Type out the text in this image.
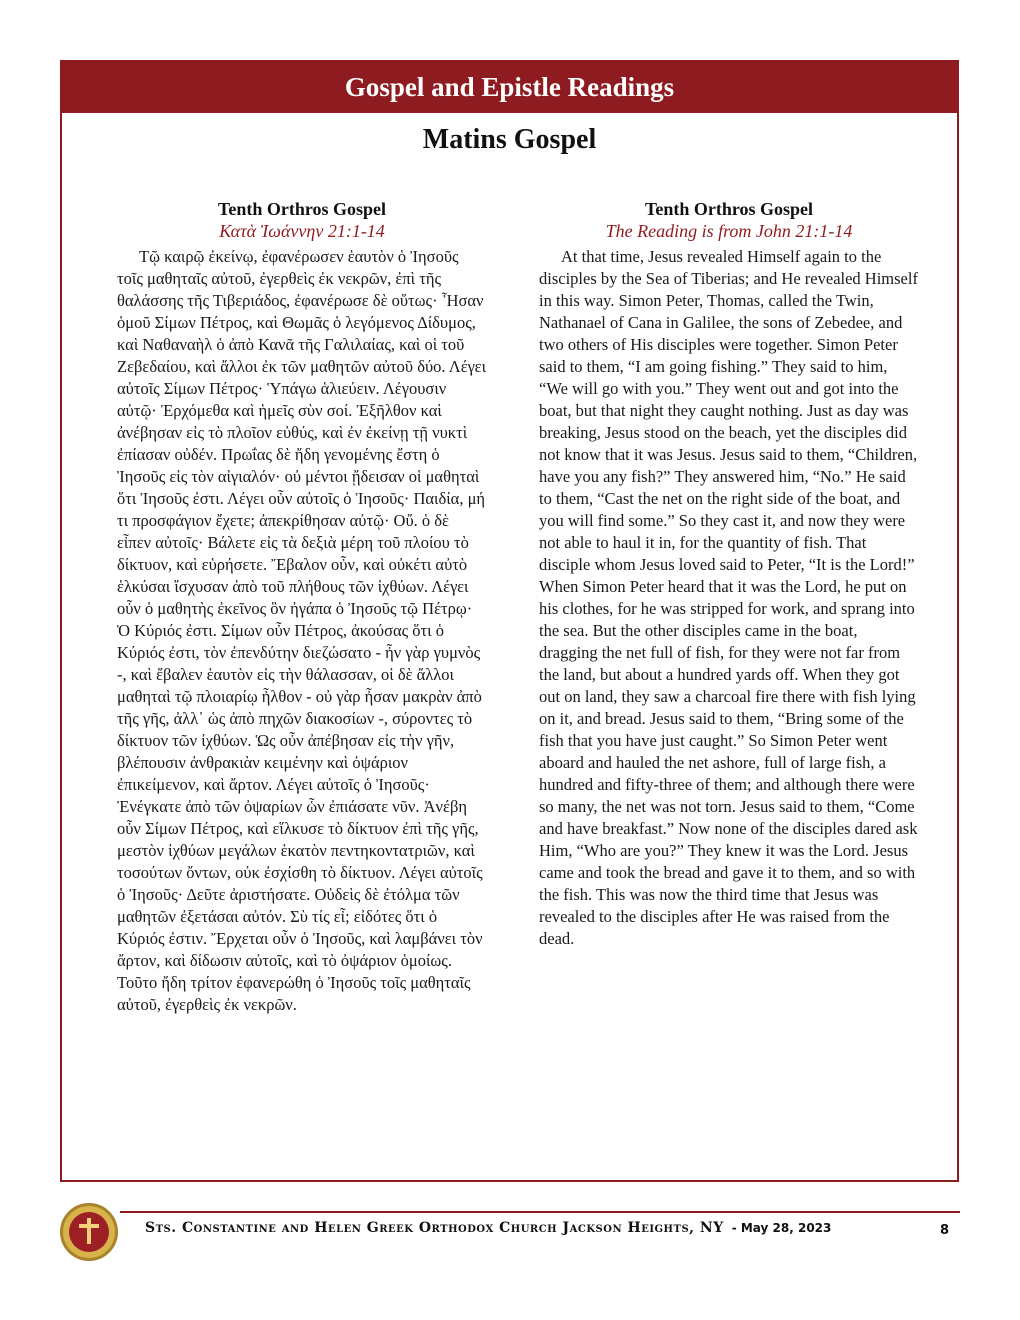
Gospel and Epistle Readings
Matins Gospel
Tenth Orthros Gospel
Κατὰ Ἰωάννην 21:1-14

Τῷ καιρῷ ἐκείνῳ, ἐφανέρωσεν ἑαυτὸν ὁ Ἰησοῦς τοῖς μαθηταῖς αὐτοῦ, ἐγερθεὶς ἐκ νεκρῶν, ἐπὶ τῆς θαλάσσης τῆς Τιβεριάδος, ἐφανέρωσε δὲ οὕτως· Ἦσαν ὁμοῦ Σίμων Πέτρος, καὶ Θωμᾶς ὁ λεγόμενος Δίδυμος, καὶ Ναθαναὴλ ὁ ἀπὸ Κανᾶ τῆς Γαλιλαίας, καὶ οἱ τοῦ Ζεβεδαίου, καὶ ἄλλοι ἐκ τῶν μαθητῶν αὐτοῦ δύο. Λέγει αὐτοῖς Σίμων Πέτρος· Ὑπάγω ἁλιεύειν. Λέγουσιν αὐτῷ· Ἐρχόμεθα καὶ ἡμεῖς σὺν σοί. Ἐξῆλθον καὶ ἀνέβησαν εἰς τὸ πλοῖον εὐθύς, καὶ ἐν ἐκείνῃ τῇ νυκτὶ ἐπίασαν οὐδέν. Πρωΐας δὲ ἤδη γενομένης ἔστη ὁ Ἰησοῦς εἰς τὸν αἰγιαλόν· οὐ μέντοι ᾔδεισαν οἱ μαθηταὶ ὅτι Ἰησοῦς ἐστι. Λέγει οὖν αὐτοῖς ὁ Ἰησοῦς· Παιδία, μή τι προσφάγιον ἔχετε; ἀπεκρίθησαν αὐτῷ· Οὔ. ὁ δὲ εἶπεν αὐτοῖς· Βάλετε εἰς τὰ δεξιὰ μέρη τοῦ πλοίου τὸ δίκτυον, καὶ εὑρήσετε. Ἔβαλον οὖν, καὶ οὐκέτι αὐτὸ ἑλκύσαι ἴσχυσαν ἀπὸ τοῦ πλήθους τῶν ἰχθύων. Λέγει οὖν ὁ μαθητὴς ἐκεῖνος ὃν ἠγάπα ὁ Ἰησοῦς τῷ Πέτρῳ· Ὁ Κύριός ἐστι. Σίμων οὖν Πέτρος, ἀκούσας ὅτι ὁ Κύριός ἐστι, τὸν ἐπενδύτην διεζώσατο - ἦν γὰρ γυμνὸς -, καὶ ἔβαλεν ἑαυτὸν εἰς τὴν θάλασσαν, οἱ δὲ ἄλλοι μαθηταὶ τῷ πλοιαρίῳ ἦλθον - οὐ γὰρ ἦσαν μακρὰν ἀπὸ τῆς γῆς, ἀλλ᾽ ὡς ἀπὸ πηχῶν διακοσίων -, σύροντες τὸ δίκτυον τῶν ἰχθύων. Ὡς οὖν ἀπέβησαν εἰς τὴν γῆν, βλέπουσιν ἀνθρακιὰν κειμένην καὶ ὀψάριον ἐπικείμενον, καὶ ἄρτον. Λέγει αὐτοῖς ὁ Ἰησοῦς· Ἐνέγκατε ἀπὸ τῶν ὀψαρίων ὧν ἐπιάσατε νῦν. Ἀνέβη οὖν Σίμων Πέτρος, καὶ εἵλκυσε τὸ δίκτυον ἐπὶ τῆς γῆς, μεστὸν ἰχθύων μεγάλων ἑκατὸν πεντηκοντατριῶν, καὶ τοσούτων ὄντων, οὐκ ἐσχίσθη τὸ δίκτυον. Λέγει αὐτοῖς ὁ Ἰησοῦς· Δεῦτε ἀριστήσατε. Οὐδεὶς δὲ ἐτόλμα τῶν μαθητῶν ἐξετάσαι αὐτόν. Σὺ τίς εἶ; εἰδότες ὅτι ὁ Κύριός ἐστιν. Ἔρχεται οὖν ὁ Ἰησοῦς, καὶ λαμβάνει τὸν ἄρτον, καὶ δίδωσιν αὐτοῖς, καὶ τὸ ὀψάριον ὁμοίως. Τοῦτο ἤδη τρίτον ἐφανερώθη ὁ Ἰησοῦς τοῖς μαθηταῖς αὐτοῦ, ἐγερθεὶς ἐκ νεκρῶν.

Tenth Orthros Gospel
The Reading is from John 21:1-14

At that time, Jesus revealed Himself again to the disciples by the Sea of Tiberias; and He revealed Himself in this way. Simon Peter, Thomas, called the Twin, Nathanael of Cana in Galilee, the sons of Zebedee, and two others of His disciples were together. Simon Peter said to them, “I am going fishing.” They said to him, “We will go with you.” They went out and got into the boat, but that night they caught nothing. Just as day was breaking, Jesus stood on the beach, yet the disciples did not know that it was Jesus. Jesus said to them, “Children, have you any fish?” They answered him, “No.” He said to them, “Cast the net on the right side of the boat, and you will find some.” So they cast it, and now they were not able to haul it in, for the quantity of fish. That disciple whom Jesus loved said to Peter, “It is the Lord!” When Simon Peter heard that it was the Lord, he put on his clothes, for he was stripped for work, and sprang into the sea. But the other disciples came in the boat, dragging the net full of fish, for they were not far from the land, but about a hundred yards off. When they got out on land, they saw a charcoal fire there with fish lying on it, and bread. Jesus said to them, “Bring some of the fish that you have just caught.” So Simon Peter went aboard and hauled the net ashore, full of large fish, a hundred and fifty-three of them; and although there were so many, the net was not torn. Jesus said to them, “Come and have breakfast.” Now none of the disciples dared ask Him, “Who are you?” They knew it was the Lord. Jesus came and took the bread and gave it to them, and so with the fish. This was now the third time that Jesus was revealed to the disciples after He was raised from the dead.

Sts. Constantine and Helen Greek Orthodox Church Jackson Heights, NY - May 28, 2023	8
